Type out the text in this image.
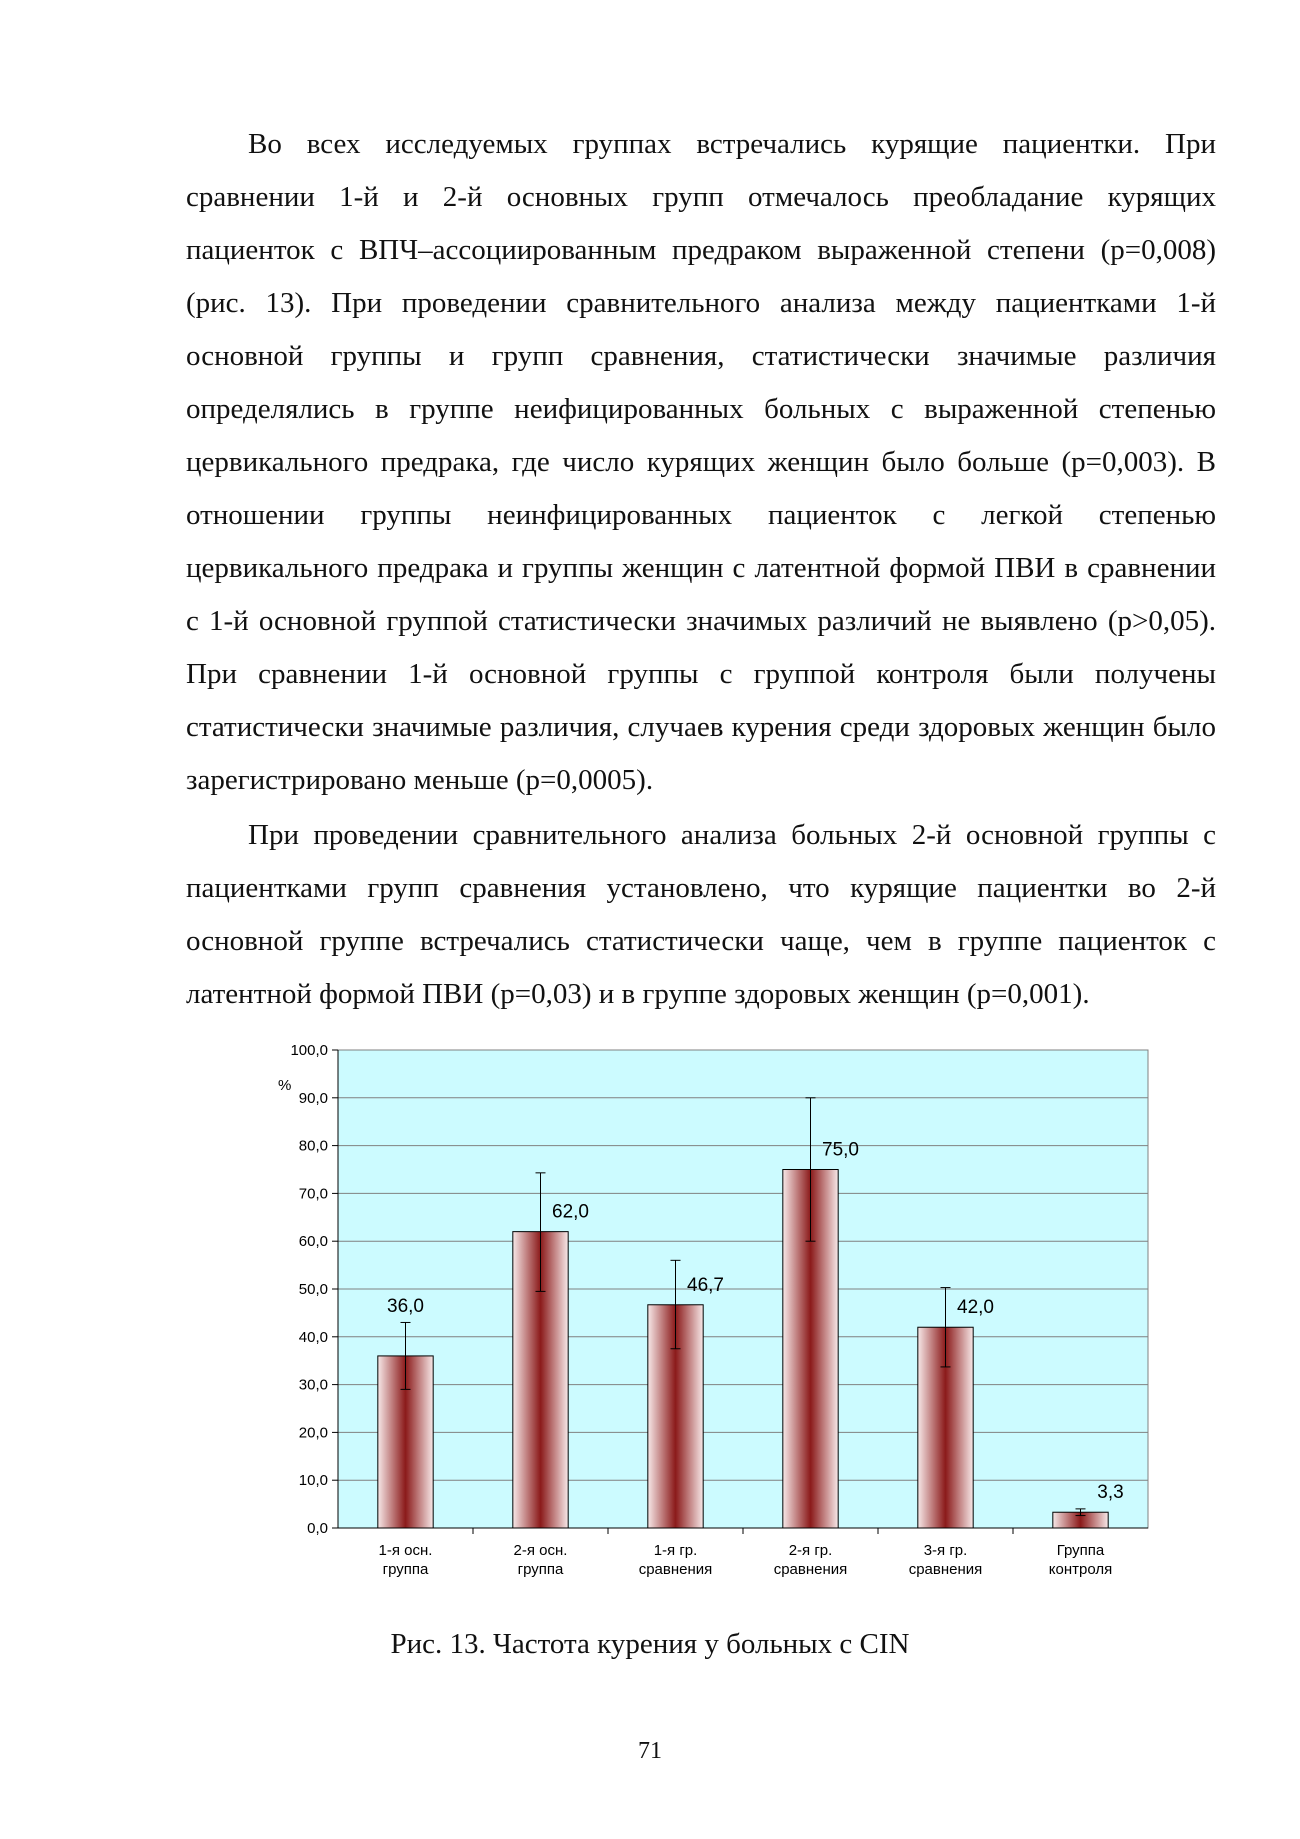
Во всех исследуемых группах встречались курящие пациентки. При сравнении 1-й и 2-й основных групп отмечалось преобладание курящих пациенток с ВПЧ–ассоциированным предраком выраженной степени (p=0,008) (рис. 13). При проведении сравнительного анализа между пациентками 1-й основной группы и групп сравнения, статистически значимые различия определялись в группе неифицированных больных с выраженной степенью цервикального предрака, где число курящих женщин было больше (p=0,003). В отношении группы неинфицированных пациенток с легкой степенью цервикального предрака и группы женщин с латентной формой ПВИ в сравнении с 1-й основной группой статистически значимых различий не выявлено (p>0,05). При сравнении 1-й основной группы с группой контроля были получены статистически значимые различия, случаев курения среди здоровых женщин было зарегистрировано меньше (p=0,0005).

При проведении сравнительного анализа больных 2-й основной группы с пациентками групп сравнения установлено, что курящие пациентки во 2-й основной группе встречались статистически чаще, чем в группе пациенток с латентной формой ПВИ (p=0,03) и в группе здоровых женщин (p=0,001).

0,0
10,0
20,0
30,0
40,0
50,0
60,0
70,0
80,0
90,0
100,0
%
36,0
1-я осн. группа
62,0
2-я осн. группа
46,7
1-я гр. сравнения
75,0
2-я гр. сравнения
42,0
3-я гр. сравнения
3,3
Группа контроля
Рис. 13. Частота курения у больных с CIN
71
